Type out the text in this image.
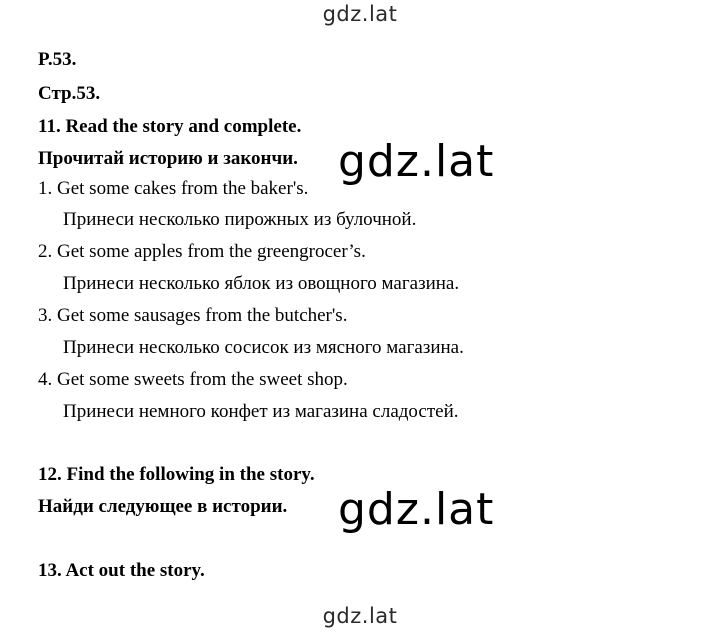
gdz.lat
P.53.
Стр.53.
11. Read the story and complete.
Прочитай историю и закончи.
1. Get some cakes from the baker's.
Принеси несколько пирожных из булочной.
2. Get some apples from the greengrocer’s.
Принеси несколько яблок из овощного магазина.
3. Get some sausages from the butcher's.
Принеси несколько сосисок из мясного магазина.
4. Get some sweets from the sweet shop.
Принеси немного конфет из магазина сладостей.
12. Find the following in the story.
Найди следующее в истории.
13. Act out the story.
gdz.lat
gdz.lat
gdz.lat
